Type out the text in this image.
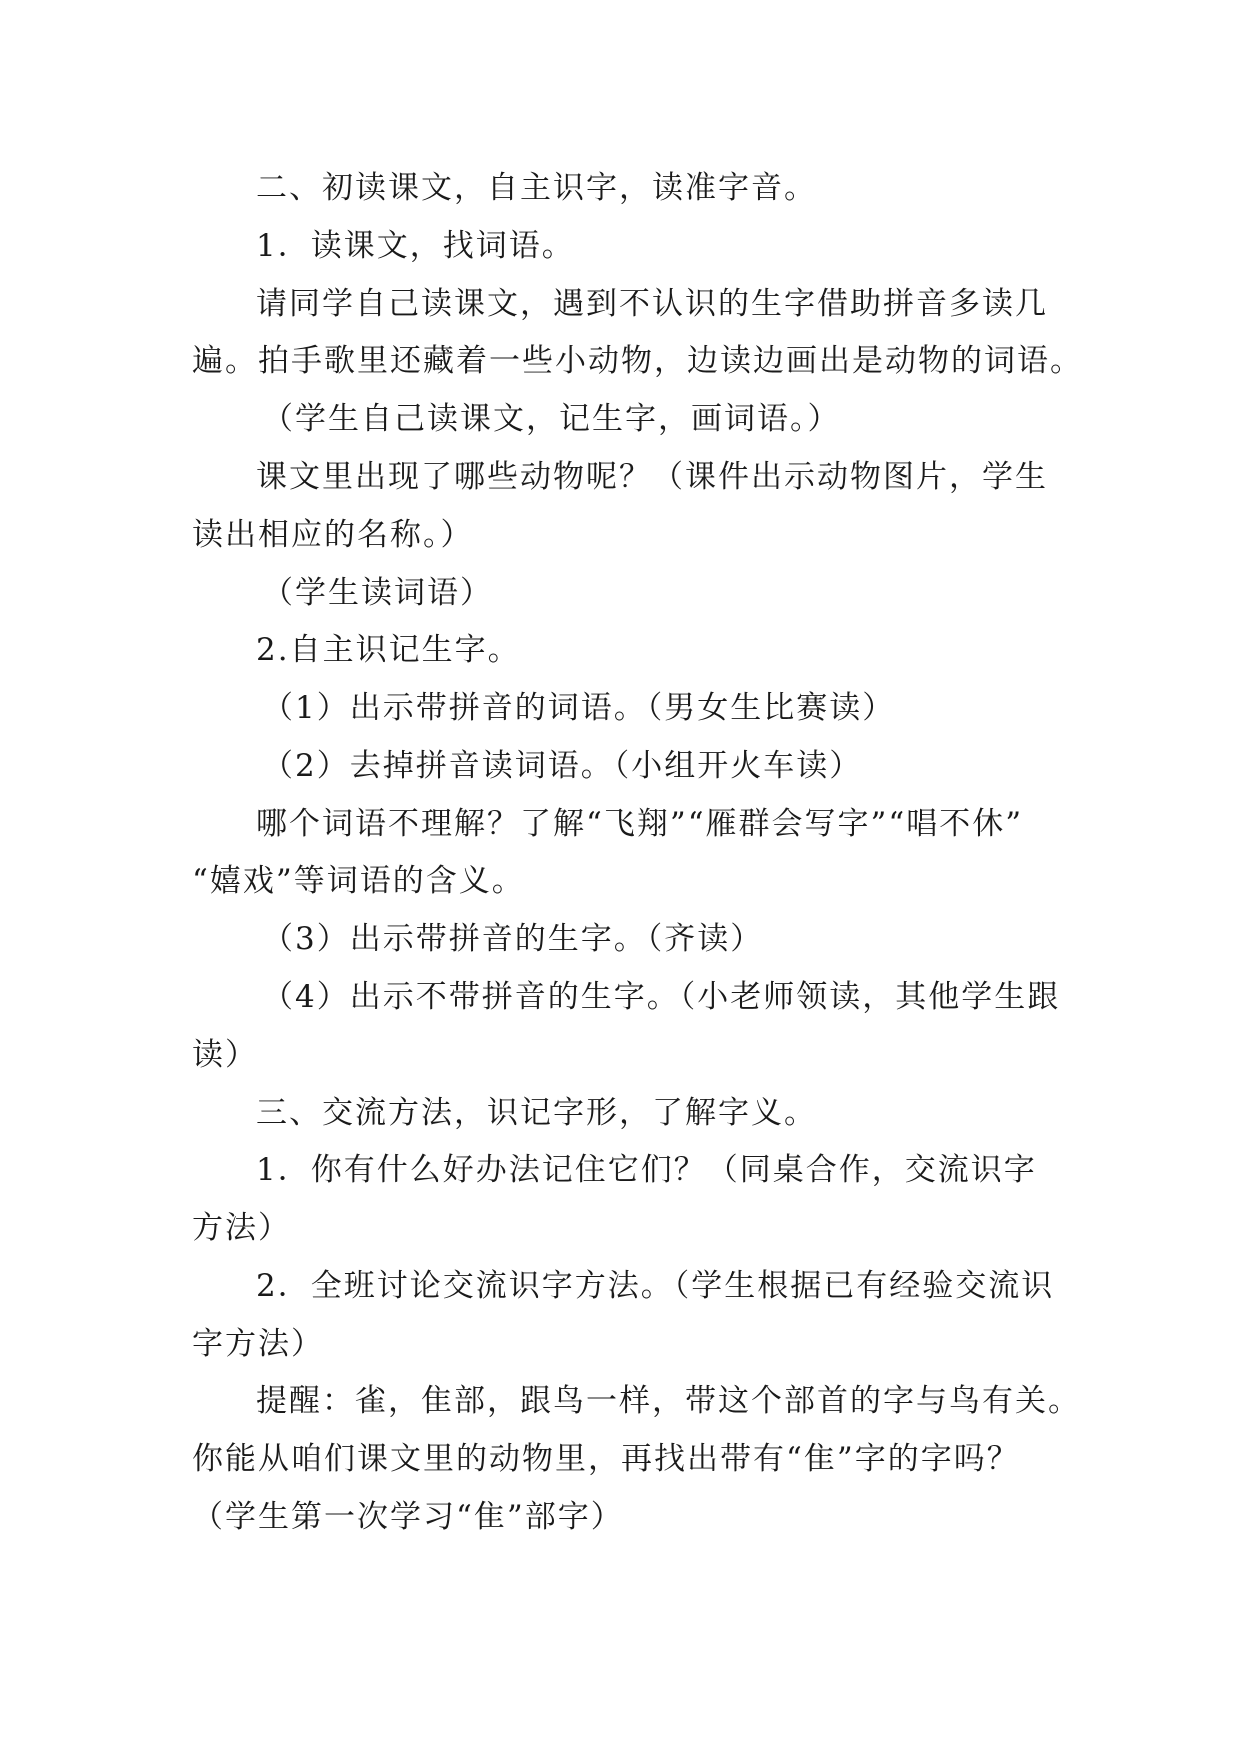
二、初读课文，自主识字，读准字音。
1．读课文，找词语。
请同学自己读课文，遇到不认识的生字借助拼音多读几
遍。拍手歌里还藏着一些小动物，边读边画出是动物的词语。
（学生自己读课文，记生字，画词语。）
课文里出现了哪些动物呢？（课件出示动物图片，学生
读出相应的名称。）
（学生读词语）
2.自主识记生字。
（1）出示带拼音的词语。（男女生比赛读）
（2）去掉拼音读词语。（小组开火车读）
哪个词语不理解？了解“飞翔”“雁群会写字”“唱不休”
“嬉戏”等词语的含义。
（3）出示带拼音的生字。（齐读）
（4）出示不带拼音的生字。（小老师领读，其他学生跟
读）
三、交流方法，识记字形，了解字义。
1．你有什么好办法记住它们？（同桌合作，交流识字
方法）
2．全班讨论交流识字方法。（学生根据已有经验交流识
字方法）
提醒：雀，隹部，跟鸟一样，带这个部首的字与鸟有关。
你能从咱们课文里的动物里，再找出带有“隹”字的字吗？
（学生第一次学习“隹”部字）
